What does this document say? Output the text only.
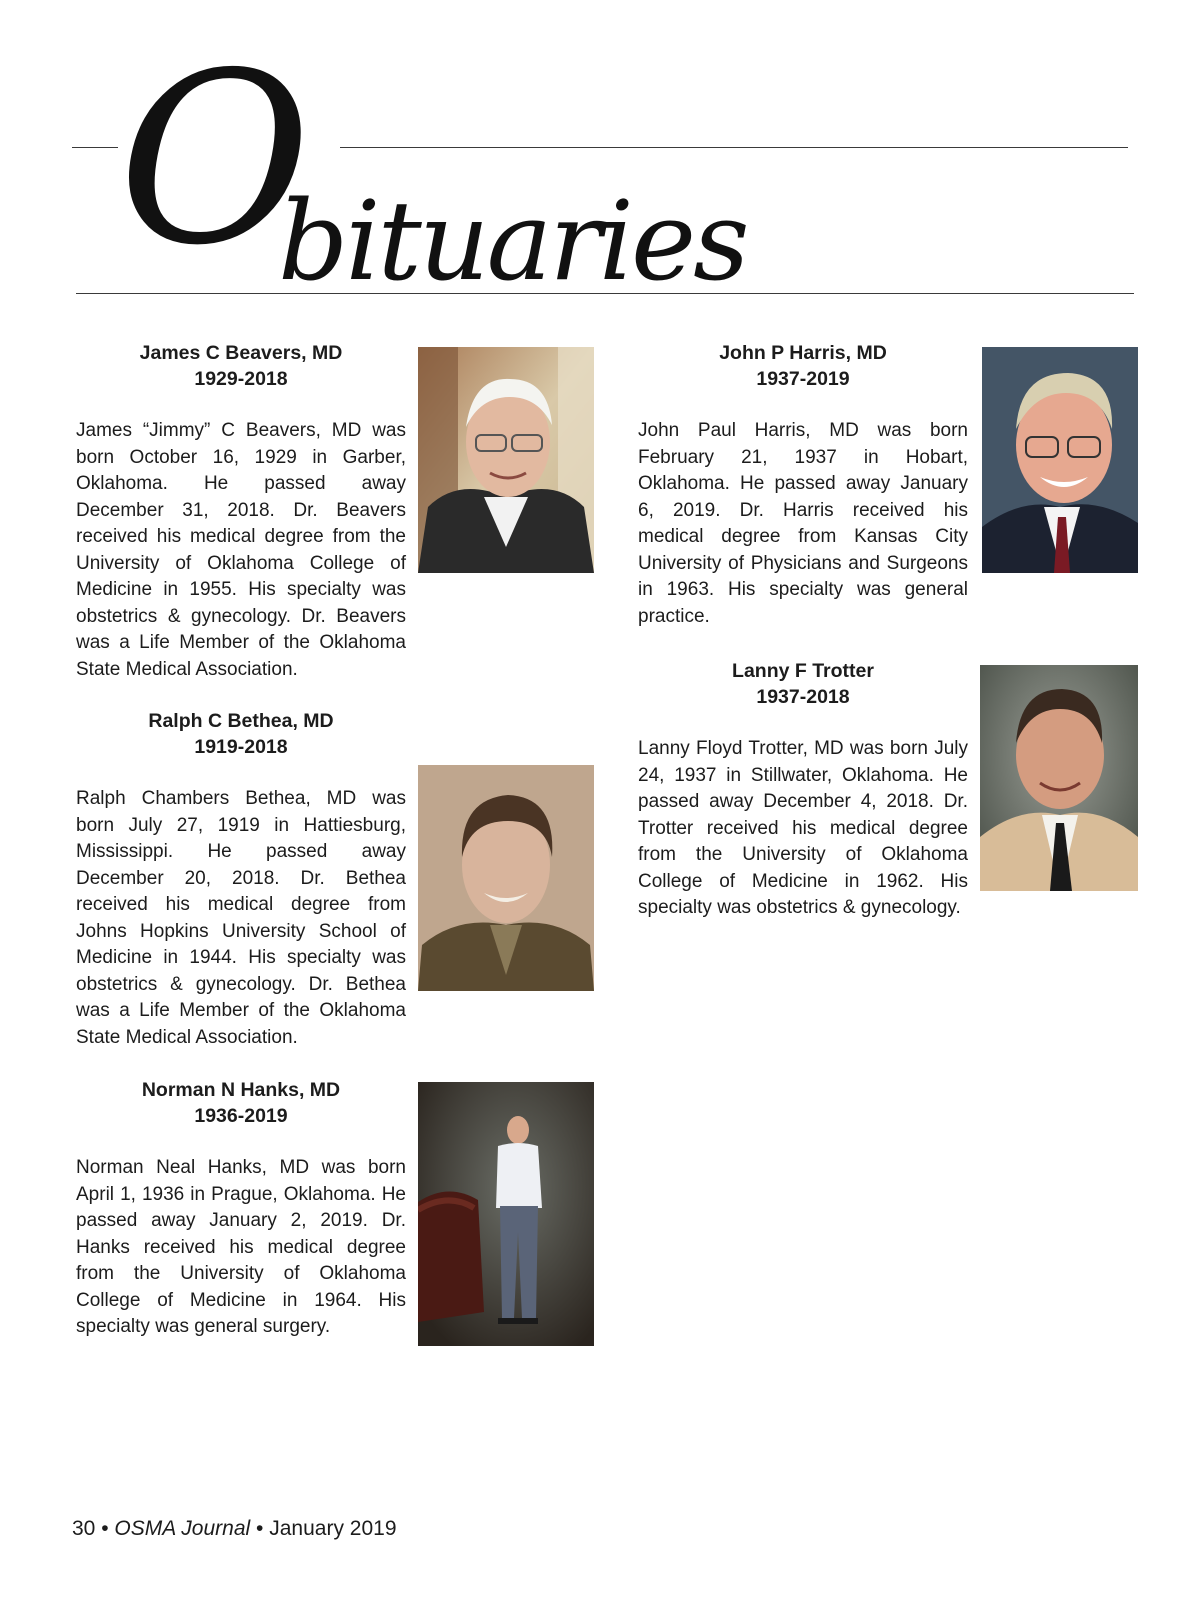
O
bituaries

James C Beavers, MD

1929-2018

James “Jimmy” C Beavers, MD was born October 16, 1929 in Garber, Oklahoma. He passed away December 31, 2018. Dr. Beavers received his medical degree from the University of Oklahoma College of Medicine in 1955. His specialty was obstetrics & gynecology. Dr. Beavers was a Life Member of the Oklahoma State Medical Association.

Ralph C Bethea, MD

1919-2018

Ralph Chambers Bethea, MD was born July 27, 1919 in Hattiesburg, Mississippi. He passed away December 20, 2018. Dr. Bethea received his medical degree from Johns Hopkins University School of Medicine in 1944. His specialty was obstetrics & gynecology. Dr. Bethea was a Life Member of the Oklahoma State Medical Association.

Norman N Hanks, MD

1936-2019

Norman Neal Hanks, MD was born April 1, 1936 in Prague, Oklahoma. He passed away January 2, 2019. Dr. Hanks received his medical degree from the University of Oklahoma College of Medicine in 1964. His specialty was general surgery.

John P Harris, MD

1937-2019

John Paul Harris, MD was born February 21, 1937 in Hobart, Oklahoma. He passed away January 6, 2019. Dr. Harris received his medical degree from Kansas City University of Physicians and Surgeons in 1963. His specialty was general practice.

Lanny F Trotter

1937-2018

Lanny Floyd Trotter, MD was born July 24, 1937 in Stillwater, Oklahoma. He passed away December 4, 2018. Dr. Trotter received his medical degree from the University of Oklahoma College of Medicine in 1962. His specialty was obstetrics & gynecology.

30 • OSMA Journal • January 2019
